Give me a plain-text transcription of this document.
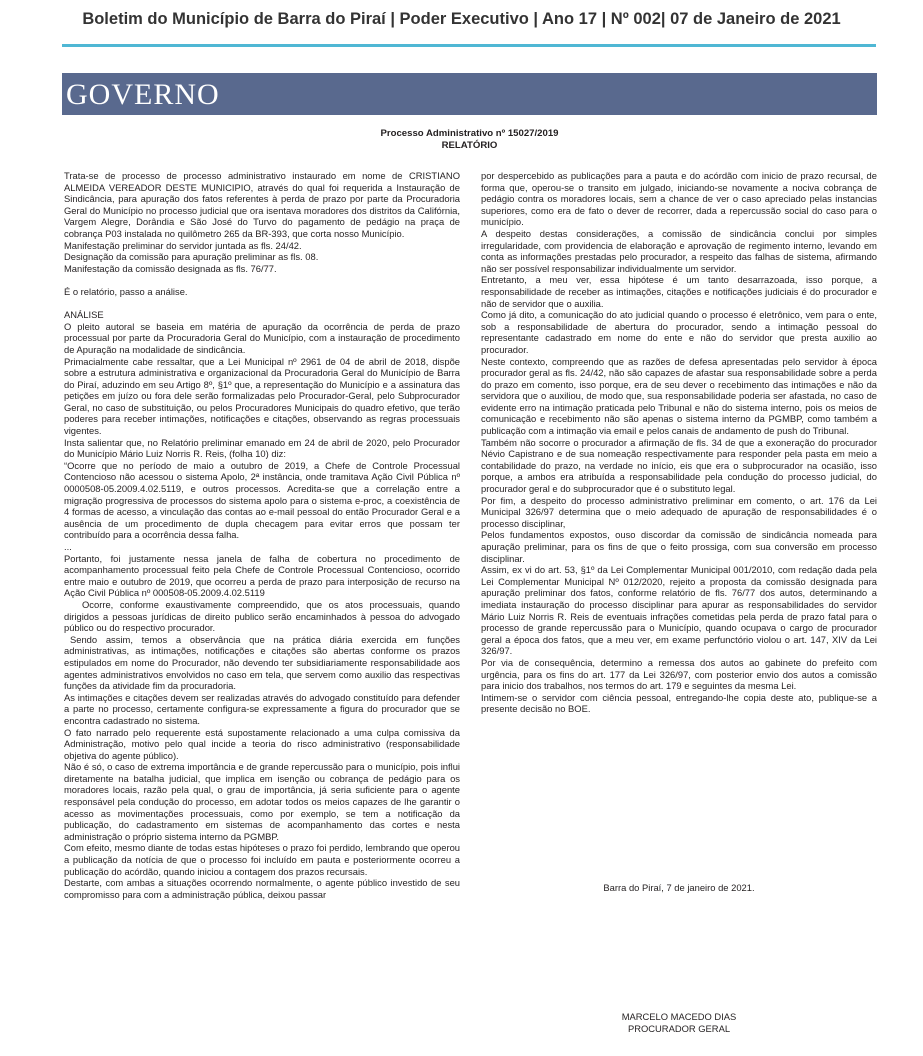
Boletim do Município de Barra do Piraí | Poder Executivo | Ano 17 | Nº 002| 07 de Janeiro de 2021
GOVERNO
Processo Administrativo nº 15027/2019
RELATÓRIO

Trata-se de processo de processo administrativo instaurado em nome de CRISTIANO ALMEIDA VEREADOR DESTE MUNICIPIO, através do qual foi requerida a Instauração de Sindicância, para apuração dos fatos referentes à perda de prazo por parte da Procuradoria Geral do Município no processo judicial que ora isentava moradores dos distritos da Califórnia, Vargem Alegre, Dorândia e São José do Turvo do pagamento de pedágio na praça de cobrança P03 instalada no quilômetro 265 da BR-393, que corta nosso Município.

Manifestação preliminar do servidor juntada as fls. 24/42.

Designação da comissão para apuração preliminar as fls. 08.

Manifestação da comissão designada as fls. 76/77.

É o relatório, passo a análise.

ANÁLISE

O pleito autoral se baseia em matéria de apuração da ocorrência de perda de prazo processual por parte da Procuradoria Geral do Município, com a instauração de procedimento de Apuração na modalidade de sindicância.

Primacialmente cabe ressaltar, que a Lei Municipal nº 2961 de 04 de abril de 2018, dispõe sobre a estrutura administrativa e organizacional da Procuradoria Geral do Município de Barra do Piraí, aduzindo em seu Artigo 8º, §1º que, a representação do Município e a assinatura das petições em juízo ou fora dele serão formalizadas pelo Procurador-Geral, pelo Subprocurador Geral, no caso de substituição, ou pelos Procuradores Municipais do quadro efetivo, que terão poderes para receber intimações, notificações e citações, observando as regras processuais vigentes.

Insta salientar que, no Relatório preliminar emanado em 24 de abril de 2020, pelo Procurador do Município Mário Luiz Norris R. Reis, (folha 10) diz:

“Ocorre que no período de maio a outubro de 2019, a Chefe de Controle Processual Contencioso não acessou o sistema Apolo, 2ª instância, onde tramitava Ação Civil Pública nº 0000508-05.2009.4.02.5119, e outros processos. Acredita-se que a correlação entre a migração progressiva de processos do sistema apolo para o sistema e-proc, a coexistência de 4 formas de acesso, a vinculação das contas ao e-mail pessoal do então Procurador Geral e a ausência de um procedimento de dupla checagem para evitar erros que possam ter contribuído para a ocorrência dessa falha.

...

Portanto, foi justamente nessa janela de falha de cobertura no procedimento de acompanhamento processual feito pela Chefe de Controle Processual Contencioso, ocorrido entre maio e outubro de 2019, que ocorreu a perda de prazo para interposição de recurso na Ação Civil Pública nº 000508-05.2009.4.02.5119

Ocorre, conforme exaustivamente compreendido, que os atos processuais, quando dirigidos a pessoas jurídicas de direito publico serão encaminhados à pessoa do advogado público ou do respectivo procurador.

Sendo assim, temos a observância que na prática diária exercida em funções administrativas, as intimações, notificações e citações são abertas conforme os prazos estipulados em nome do Procurador, não devendo ter subsidiariamente responsabilidade aos agentes administrativos envolvidos no caso em tela, que servem como auxilio das respectivas funções da atividade fim da procuradoria.

As intimações e citações devem ser realizadas através do advogado constituído para defender a parte no processo, certamente configura-se expressamente a figura do procurador que se encontra cadastrado no sistema.

O fato narrado pelo requerente está supostamente relacionado a uma culpa comissiva da Administração, motivo pelo qual incide a teoria do risco administrativo (responsabilidade objetiva do agente público).

Não é só, o caso de extrema importância e de grande repercussão para o município, pois influi diretamente na batalha judicial, que implica em isenção ou cobrança de pedágio para os moradores locais, razão pela qual, o grau de importância, já seria suficiente para o agente responsável pela condução do processo, em adotar todos os meios capazes de lhe garantir o acesso as movimentações processuais, como por exemplo, se tem a notificação da publicação, do cadastramento em sistemas de acompanhamento das cortes e nesta administração o próprio sistema interno da PGMBP.

Com efeito, mesmo diante de todas estas hipóteses o prazo foi perdido, lembrando que operou a publicação da notícia de que o processo foi incluído em pauta e posteriormente ocorreu a publicação do acórdão, quando iniciou a contagem dos prazos recursais.

Destarte, com ambas a situações ocorrendo normalmente, o agente público investido de seu compromisso para com a administração pública, deixou passar

por despercebido as publicações para a pauta e do acórdão com inicio de prazo recursal, de forma que, operou-se o transito em julgado, iniciando-se novamente a nociva cobrança de pedágio contra os moradores locais, sem a chance de ver o caso apreciado pelas instancias superiores, como era de fato o dever de recorrer, dada a repercussão social do caso para o município.

A despeito destas considerações, a comissão de sindicância conclui por simples irregularidade, com providencia de elaboração e aprovação de regimento interno, levando em conta as informações prestadas pelo procurador, a respeito das falhas de sistema, afirmando não ser possível responsabilizar individualmente um servidor.

Entretanto, a meu ver, essa hipótese é um tanto desarrazoada, isso porque, a responsabilidade de receber as intimações, citações e notificações judiciais é do procurador e não de servidor que o auxilia.

Como já dito, a comunicação do ato judicial quando o processo é eletrônico, vem para o ente, sob a responsabilidade de abertura do procurador, sendo a intimação pessoal do representante cadastrado em nome do ente e não do servidor que presta auxilio ao procurador.

Neste contexto, compreendo que as razões de defesa apresentadas pelo servidor à época procurador geral as fls. 24/42, não são capazes de afastar sua responsabilidade sobre a perda do prazo em comento, isso porque, era de seu dever o recebimento das intimações e não da servidora que o auxiliou, de modo que, sua responsabilidade poderia ser afastada, no caso de evidente erro na intimação praticada pelo Tribunal e não do sistema interno, pois os meios de comunicação e recebimento não são apenas o sistema interno da PGMBP, como também a publicação com a intimação via email e pelos canais de andamento de push do Tribunal.

Também não socorre o procurador a afirmação de fls. 34 de que a exoneração do procurador Névio Capistrano e de sua nomeação respectivamente para responder pela pasta em meio a contabilidade do prazo, na verdade no início, eis que era o subprocurador na ocasião, isso porque, a ambos era atribuída a responsabilidade pela condução do processo judicial, do procurador geral e do subprocurador que é o substituto legal.

Por fim, a despeito do processo administrativo preliminar em comento, o art. 176 da Lei Municipal 326/97 determina que o meio adequado de apuração de responsabilidades é o processo disciplinar,

Pelos fundamentos expostos, ouso discordar da comissão de sindicância nomeada para apuração preliminar, para os fins de que o feito prossiga, com sua conversão em processo disciplinar.

Assim, ex vi do art. 53, §1º da Lei Complementar Municipal 001/2010, com redação dada pela Lei Complementar Municipal Nº 012/2020, rejeito a proposta da comissão designada para apuração preliminar dos fatos, conforme relatório de fls. 76/77 dos autos, determinando a imediata instauração do processo disciplinar para apurar as responsabilidades do servidor Mário Luiz Norris R. Reis de eventuais infrações cometidas pela perda de prazo fatal para o processo de grande repercussão para o Município, quando ocupava o cargo de procurador geral a época dos fatos, que a meu ver, em exame perfunctório violou o art. 147, XIV da Lei 326/97.

Por via de consequência, determino a remessa dos autos ao gabinete do prefeito com urgência, para os fins do art. 177 da Lei 326/97, com posterior envio dos autos a comissão para inicio dos trabalhos, nos termos do art. 179 e seguintes da mesma Lei.

Intimem-se o servidor com ciência pessoal, entregando-lhe copia deste ato, publique-se a presente decisão no BOE.

Barra do Piraí, 7 de janeiro de 2021.
MARCELO MACEDO DIAS
PROCURADOR GERAL
